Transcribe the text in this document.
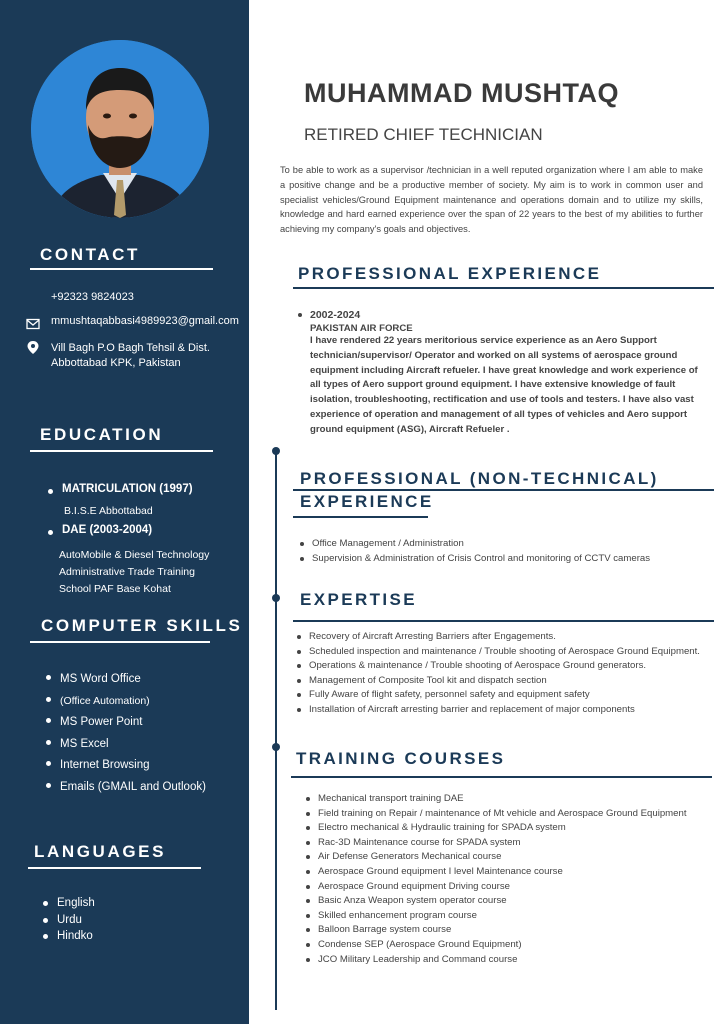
CONTACT
+92323 9824023
mmushtaqabbasi4989923@gmail.com
Vill Bagh P.O Bagh Tehsil & Dist.
Abbottabad KPK, Pakistan
EDUCATION
MATRICULATION (1997)
B.I.S.E Abbottabad
DAE (2003-2004)
AutoMobile & Diesel Technology
Administrative Trade Training
School PAF Base Kohat
COMPUTER SKILLS
MS Word Office
(Office Automation)
MS Power Point
MS Excel
Internet Browsing
Emails (GMAIL and Outlook)
LANGUAGES
English
Urdu
Hindko
MUHAMMAD MUSHTAQ
RETIRED CHIEF TECHNICIAN
To be able to work as a supervisor /technician in a well reputed organization where I am able to make a positive change and be a productive member of society. My aim is to work in common user and specialist vehicles/Ground Equipment maintenance and operations domain and to utilize my skills, knowledge and hard earned experience over the span of 22 years to the best of my abilities to further achieving my company's goals and objectives.
PROFESSIONAL EXPERIENCE
2002-2024
PAKISTAN AIR FORCE
I have rendered 22 years meritorious service experience as an Aero Support technician/supervisor/ Operator and worked on all systems of aerospace ground equipment including Aircraft refueler. I have great knowledge and work experience of all types of Aero support ground equipment. I have extensive knowledge of fault isolation, troubleshooting, rectification and use of tools and testers. I have also vast experience of operation and management of all types of vehicles and Aero support ground equipment (ASG), Aircraft Refueler .
PROFESSIONAL (NON-TECHNICAL)
EXPERIENCE
Office Management / Administration
Supervision & Administration of Crisis Control and monitoring of CCTV cameras
EXPERTISE
Recovery of Aircraft Arresting Barriers after Engagements.
Scheduled inspection and maintenance / Trouble shooting of Aerospace Ground Equipment.
Operations & maintenance / Trouble shooting of Aerospace Ground generators.
Management of Composite Tool kit and dispatch section
Fully Aware of flight safety, personnel safety and equipment safety
Installation of Aircraft arresting barrier and replacement of major components
TRAINING COURSES
Mechanical transport training DAE
Field training on Repair / maintenance of Mt vehicle and Aerospace Ground Equipment
Electro mechanical & Hydraulic training for SPADA system
Rac-3D Maintenance course for SPADA system
Air Defense Generators Mechanical course
Aerospace Ground equipment I level Maintenance course
Aerospace Ground equipment Driving course
Basic Anza Weapon system operator course
Skilled enhancement program course
Balloon Barrage system course
Condense SEP (Aerospace Ground Equipment)
JCO Military Leadership and Command course
